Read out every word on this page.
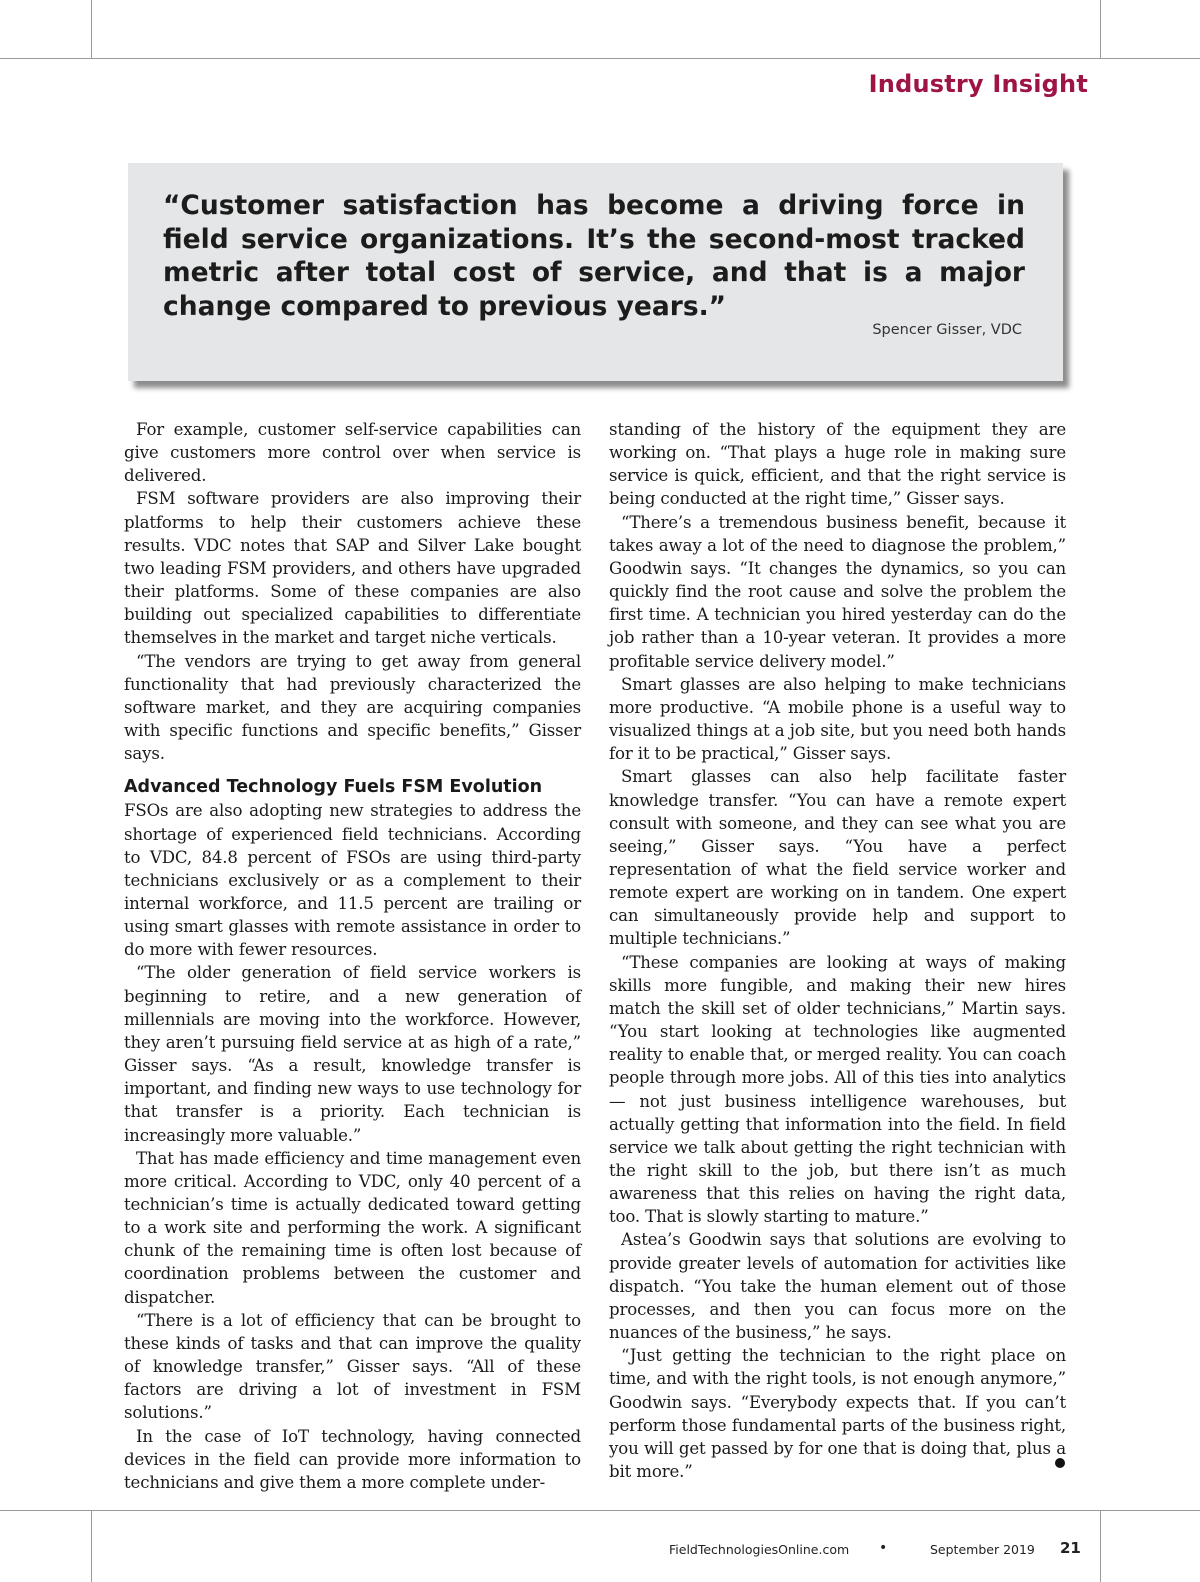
Industry Insight
“Customer satisfaction has become a driving force in field service organizations. It’s the second-most tracked metric after total cost of service, and that is a major change compared to previous years.”
Spencer Gisser, VDC

For example, customer self-service capabilities can give customers more control over when service is delivered.

FSM software providers are also improving their platforms to help their customers achieve these results. VDC notes that SAP and Silver Lake bought two leading FSM providers, and others have upgraded their platforms. Some of these companies are also building out specialized capabilities to differentiate themselves in the market and target niche verticals.

“The vendors are trying to get away from general functionality that had previously characterized the software market, and they are acquiring companies with specific functions and specific benefits,” Gisser says.

Advanced Technology Fuels FSM Evolution

FSOs are also adopting new strategies to address the shortage of experienced field technicians. According to VDC, 84.8 percent of FSOs are using third-party technicians exclusively or as a complement to their internal workforce, and 11.5 percent are trailing or using smart glasses with remote assistance in order to do more with fewer resources.

“The older generation of field service workers is beginning to retire, and a new generation of millennials are moving into the workforce. However, they aren’t pursuing field service at as high of a rate,” Gisser says. “As a result, knowledge transfer is important, and finding new ways to use technology for that transfer is a priority. Each technician is increasingly more valuable.”

That has made efficiency and time management even more critical. According to VDC, only 40 percent of a technician’s time is actually dedicated toward getting to a work site and performing the work. A significant chunk of the remaining time is often lost because of coordination problems between the customer and dispatcher.

“There is a lot of efficiency that can be brought to these kinds of tasks and that can improve the quality of knowledge transfer,” Gisser says. “All of these factors are driving a lot of investment in FSM solutions.”

In the case of IoT technology, having connected devices in the field can provide more information to technicians and give them a more complete under-

standing of the history of the equipment they are working on. “That plays a huge role in making sure service is quick, efficient, and that the right service is being conducted at the right time,” Gisser says.

“There’s a tremendous business benefit, because it takes away a lot of the need to diagnose the problem,” Goodwin says. “It changes the dynamics, so you can quickly find the root cause and solve the problem the first time. A technician you hired yesterday can do the job rather than a 10-year veteran. It provides a more profitable service delivery model.”

Smart glasses are also helping to make technicians more productive. “A mobile phone is a useful way to visualized things at a job site, but you need both hands for it to be practical,” Gisser says.

Smart glasses can also help facilitate faster knowledge transfer. “You can have a remote expert consult with someone, and they can see what you are seeing,” Gisser says. “You have a perfect representation of what the field service worker and remote expert are working on in tandem. One expert can simultaneously provide help and support to multiple technicians.”

“These companies are looking at ways of making skills more fungible, and making their new hires match the skill set of older technicians,” Martin says. “You start looking at technologies like augmented reality to enable that, or merged reality. You can coach people through more jobs. All of this ties into analytics — not just business intelligence warehouses, but actually getting that information into the field. In field service we talk about getting the right technician with the right skill to the job, but there isn’t as much awareness that this relies on having the right data, too. That is slowly starting to mature.”

Astea’s Goodwin says that solutions are evolving to provide greater levels of automation for activities like dispatch. “You take the human element out of those processes, and then you can focus more on the nuances of the business,” he says.

“Just getting the technician to the right place on time, and with the right tools, is not enough anymore,” Goodwin says. “Everybody expects that. If you can’t perform those fundamental parts of the business right, you will get passed by for one that is doing that, plus a bit more.”

FieldTechnologiesOnline.com •	September 2019 21
